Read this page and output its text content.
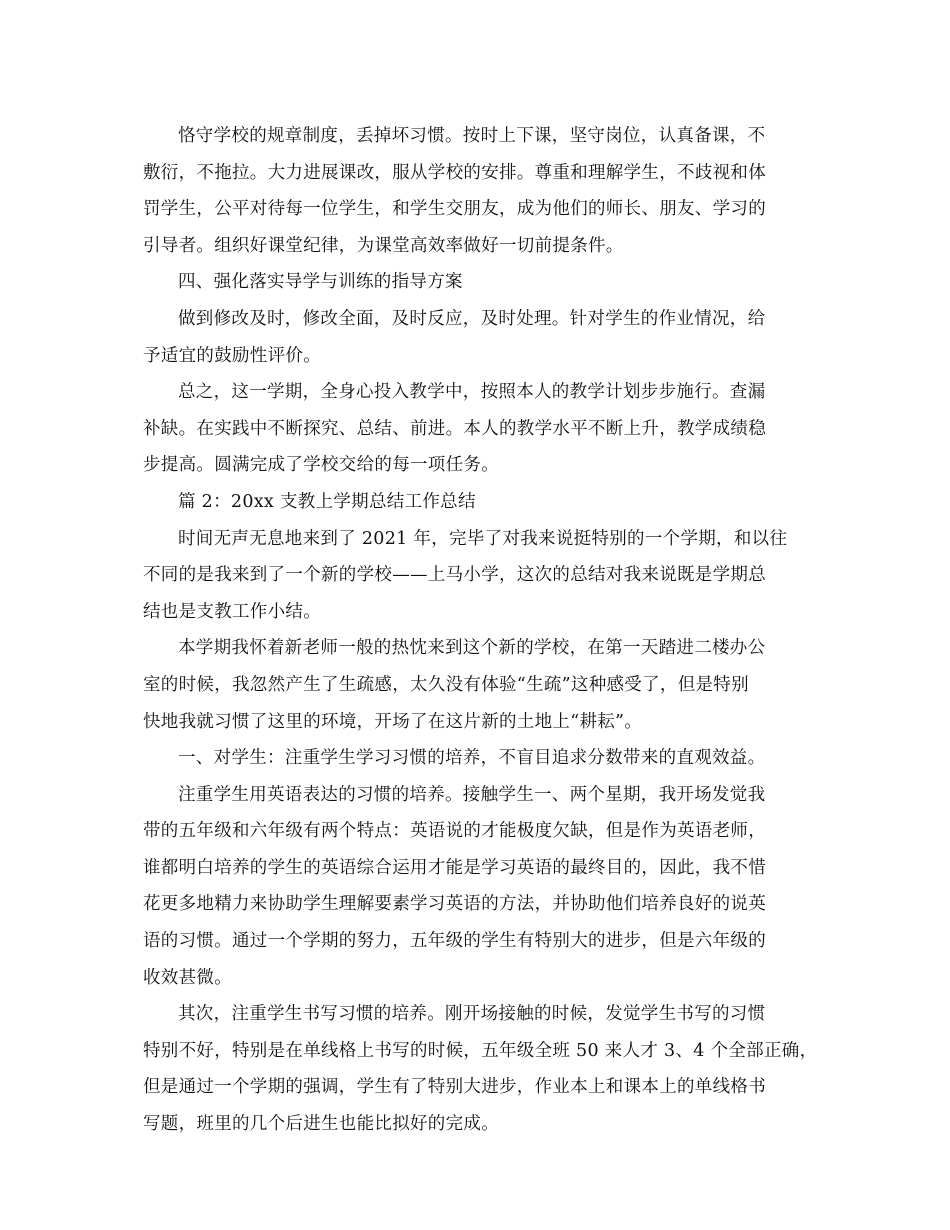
恪守学校的规章制度，丢掉坏习惯。按时上下课，坚守岗位，认真备课，不
敷衍，不拖拉。大力进展课改，服从学校的安排。尊重和理解学生，不歧视和体
罚学生，公平对待每一位学生，和学生交朋友，成为他们的师长、朋友、学习的
引导者。组织好课堂纪律，为课堂高效率做好一切前提条件。
四、强化落实导学与训练的指导方案
做到修改及时，修改全面，及时反应，及时处理。针对学生的作业情况，给
予适宜的鼓励性评价。
总之，这一学期，全身心投入教学中，按照本人的教学计划步步施行。查漏
补缺。在实践中不断探究、总结、前进。本人的教学水平不断上升，教学成绩稳
步提高。圆满完成了学校交给的每一项任务。
篇 2：20xx 支教上学期总结工作总结
时间无声无息地来到了 2021 年，完毕了对我来说挺特别的一个学期，和以往
不同的是我来到了一个新的学校——上马小学，这次的总结对我来说既是学期总
结也是支教工作小结。
本学期我怀着新老师一般的热忱来到这个新的学校，在第一天踏进二楼办公
室的时候，我忽然产生了生疏感，太久没有体验“生疏”这种感受了，但是特别
快地我就习惯了这里的环境，开场了在这片新的土地上“耕耘”。
一、对学生：注重学生学习习惯的培养，不盲目追求分数带来的直观效益。
注重学生用英语表达的习惯的培养。接触学生一、两个星期，我开场发觉我
带的五年级和六年级有两个特点：英语说的才能极度欠缺，但是作为英语老师，
谁都明白培养的学生的英语综合运用才能是学习英语的最终目的，因此，我不惜
花更多地精力来协助学生理解要素学习英语的方法，并协助他们培养良好的说英
语的习惯。通过一个学期的努力，五年级的学生有特别大的进步，但是六年级的
收效甚微。
其次，注重学生书写习惯的培养。刚开场接触的时候，发觉学生书写的习惯
特别不好，特别是在单线格上书写的时候，五年级全班 50 来人才 3、4 个全部正确，
但是通过一个学期的强调，学生有了特别大进步，作业本上和课本上的单线格书
写题，班里的几个后进生也能比拟好的完成。
